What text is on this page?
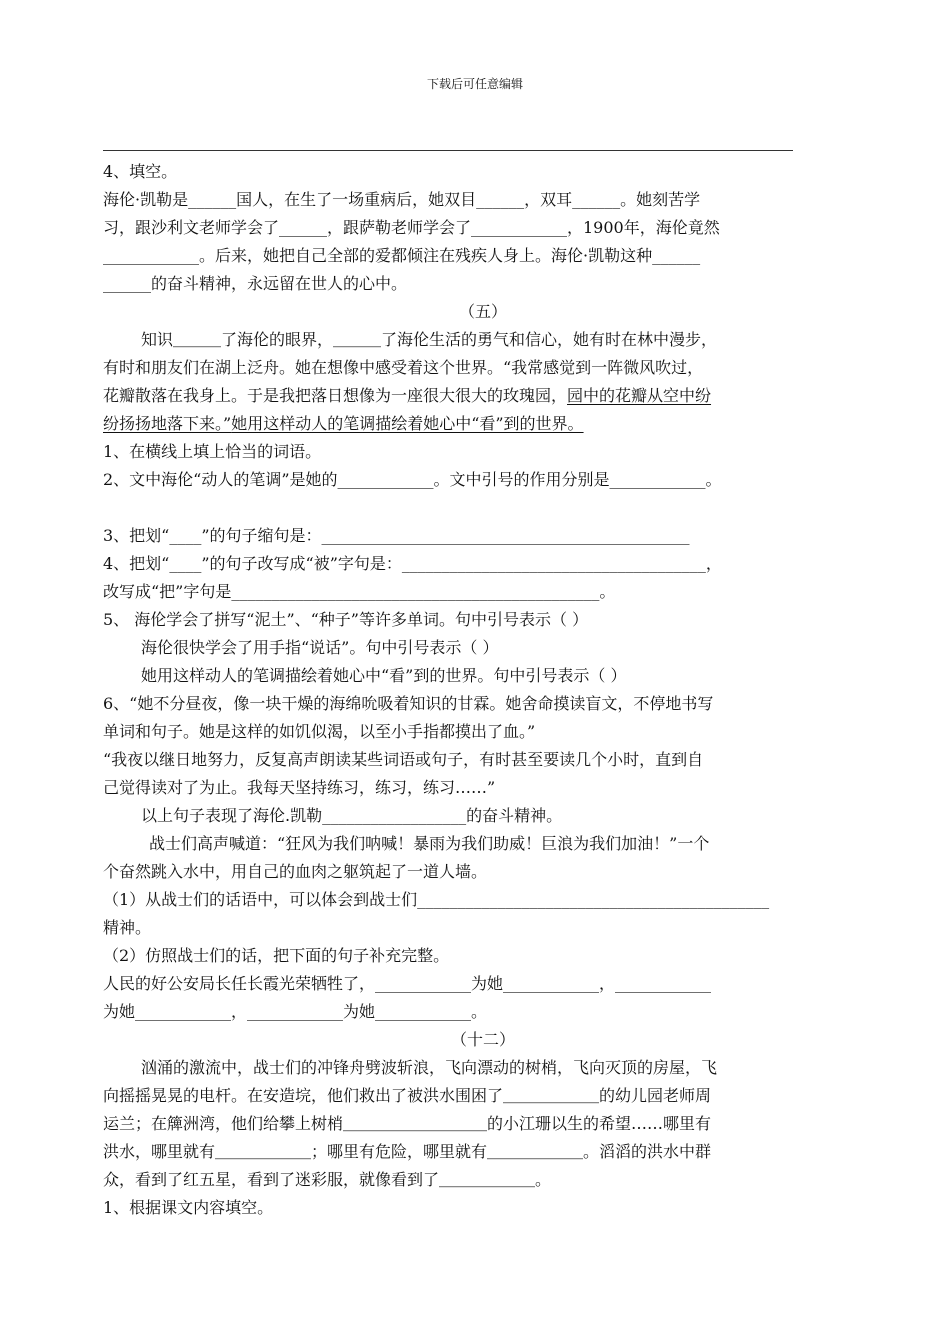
下载后可任意编辑
4、填空。
海伦·凯勒是______国人，在生了一场重病后，她双目______，双耳______。她刻苦学
习，跟沙利文老师学会了______，跟萨勒老师学会了____________，1900年，海伦竟然
____________。后来，她把自己全部的爱都倾注在残疾人身上。海伦·凯勒这种______
______的奋斗精神，永远留在世人的心中。
（五）
知识＿＿＿了海伦的眼界，＿＿＿了海伦生活的勇气和信心，她有时在林中漫步，
有时和朋友们在湖上泛舟。她在想像中感受着这个世界。“我常感觉到一阵微风吹过，
花瓣散落在我身上。于是我把落日想像为一座很大很大的玫瑰园，园中的花瓣从空中纷
纷扬扬地落下来。”她用这样动人的笔调描绘着她心中“看”到的世界。
1、在横线上填上恰当的词语。
2、文中海伦“动人的笔调”是她的____________。文中引号的作用分别是____________。
3、把划“____”的句子缩句是：______________________________________________
4、把划“____”的句子改写成“被”字句是：______________________________________，
改写成“把”字句是______________________________________________。
5、 海伦学会了拼写“泥土”、“种子”等许多单词。句中引号表示（ ）
海伦很快学会了用手指“说话”。句中引号表示（ ）
她用这样动人的笔调描绘着她心中“看”到的世界。句中引号表示（ ）
6、“她不分昼夜，像一块干燥的海绵吮吸着知识的甘霖。她舍命摸读盲文，不停地书写
单词和句子。她是这样的如饥似渴，以至小手指都摸出了血。”
“我夜以继日地努力，反复高声朗读某些词语或句子，有时甚至要读几个小时，直到自
己觉得读对了为止。我每天坚持练习，练习，练习……”
以上句子表现了海伦.凯勒__________________的奋斗精神。
战士们高声喊道：“狂风为我们呐喊！暴雨为我们助威！巨浪为我们加油！”一个
个奋然跳入水中，用自己的血肉之躯筑起了一道人墙。
（1）从战士们的话语中，可以体会到战士们____________________________________________
精神。
（2）仿照战士们的话，把下面的句子补充完整。
人民的好公安局长任长霞光荣牺牲了，____________为她____________，____________
为她____________，____________为她____________。
（十二）
汹涌的激流中，战士们的冲锋舟劈波斩浪，飞向漂动的树梢，飞向灭顶的房屋，飞
向摇摇晃晃的电杆。在安造垸，他们救出了被洪水围困了＿＿＿＿＿＿的幼儿园老师周
运兰；在簰洲湾，他们给攀上树梢＿＿＿＿＿＿＿＿＿的小江珊以生的希望……哪里有
洪水，哪里就有＿＿＿＿＿＿；哪里有危险，哪里就有＿＿＿＿＿＿。滔滔的洪水中群
众，看到了红五星，看到了迷彩服，就像看到了＿＿＿＿＿＿。
1、根据课文内容填空。
